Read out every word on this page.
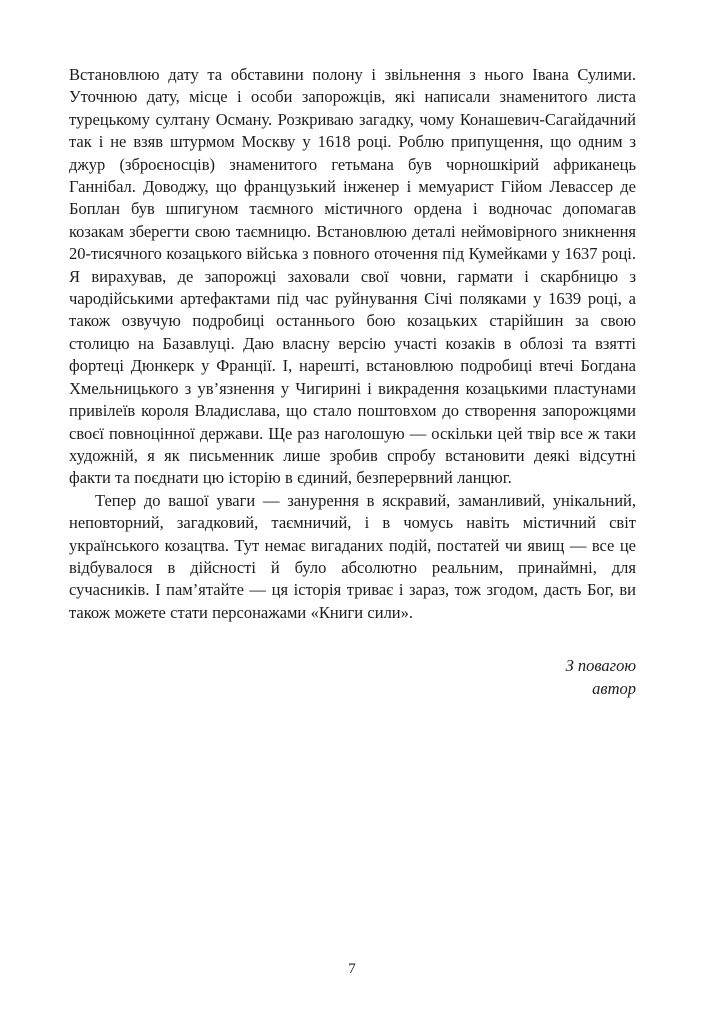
Встановлюю дату та обставини полону і звільнення з нього Івана Сулими. Уточнюю дату, місце і особи запорожців, які написали знаменитого листа турецькому султану Осману. Розкриваю загадку, чому Конашевич-Сагайдачний так і не взяв штурмом Москву у 1618 році. Роблю припущення, що одним з джур (зброєносців) знаменитого гетьмана був чорношкірий африканець Ганнібал. Доводжу, що французький інженер і мемуарист Гійом Левассер де Боплан був шпигуном таємного містичного ордена і водночас допомагав козакам зберегти свою таємницю. Встановлюю деталі неймовірного зникнення 20-тисячного козацького війська з повного оточення під Кумейками у 1637 році. Я вирахував, де запорожці заховали свої човни, гармати і скарбницю з чародійськими артефактами під час руйнування Січі поляками у 1639 році, а також озвучую подробиці останнього бою козацьких старійшин за свою столицю на Базавлуці. Даю власну версію участі козаків в облозі та взятті фортеці Дюнкерк у Франції. І, нарешті, встановлюю подробиці втечі Богдана Хмельницького з ув’язнення у Чигирині і викрадення козацькими пластунами привілеїв короля Владислава, що стало поштовхом до створення запорожцями своєї повноцінної держави. Ще раз наголошую — оскільки цей твір все ж таки художній, я як письменник лише зробив спробу встановити деякі відсутні факти та поєднати цю історію в єдиний, безперервний ланцюг.

Тепер до вашої уваги — занурення в яскравий, заманливий, унікальний, неповторний, загадковий, таємничий, і в чомусь навіть містичний світ українського козацтва. Тут немає вигаданих подій, постатей чи явищ — все це відбувалося в дійсності й було абсолютно реальним, принаймні, для сучасників. І пам’ятайте — ця історія триває і зараз, тож згодом, дасть Бог, ви також можете стати персонажами «Книги сили».

З повагою
автор
7
